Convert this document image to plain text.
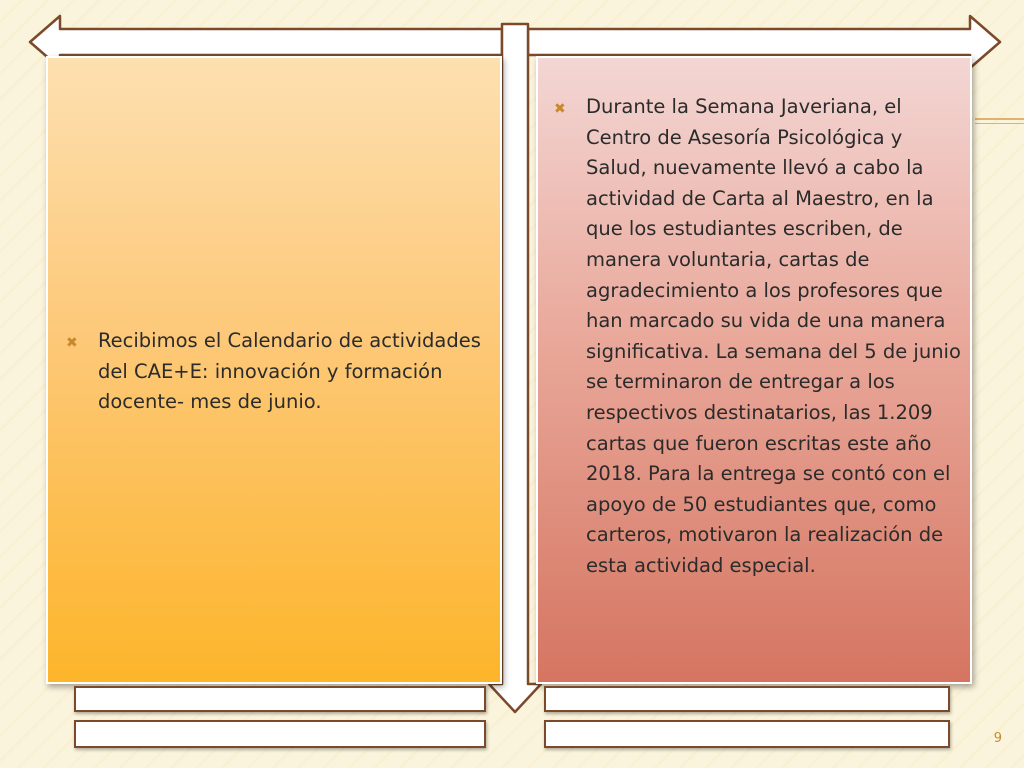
✖ Recibimos el Calendario de actividades del CAE+E: innovación y formación docente- mes de junio.
✖ Durante la Semana Javeriana, el Centro de Asesoría Psicológica y Salud, nuevamente llevó a cabo la actividad de Carta al Maestro, en la que los estudiantes escriben, de manera voluntaria, cartas de agradecimiento a los profesores que han marcado su vida de una manera significativa. La semana del 5 de junio se terminaron de entregar a los respectivos destinatarios, las 1.209 cartas que fueron escritas este año 2018. Para la entrega se contó con el apoyo de 50 estudiantes que, como carteros, motivaron la realización de esta actividad especial.
9
